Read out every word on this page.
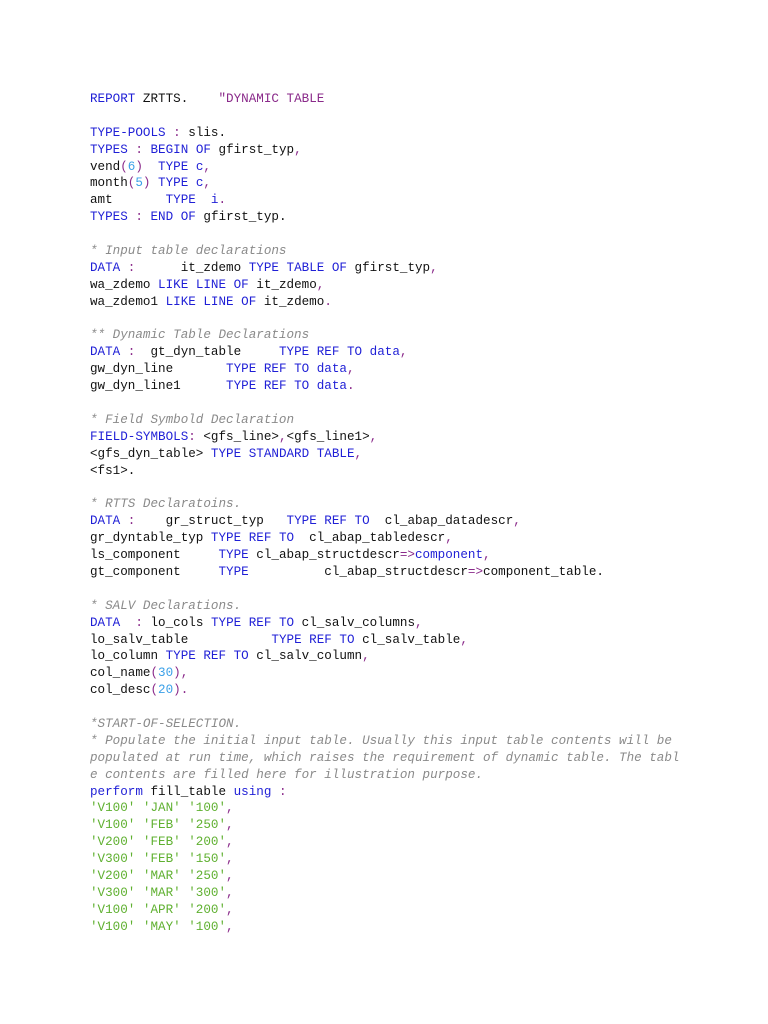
REPORT ZRTTS.    "DYNAMIC TABLE
TYPE-POOLS : slis.
TYPES : BEGIN OF gfirst_typ,
vend(6) TYPE c,
month(5) TYPE c,
amt       TYPE  i.
TYPES : END OF gfirst_typ.
* Input table declarations
DATA :      it_zdemo TYPE TABLE OF gfirst_typ,
wa_zdemo LIKE LINE OF it_zdemo,
wa_zdemo1 LIKE LINE OF it_zdemo.
** Dynamic Table Declarations
DATA :  gt_dyn_table     TYPE REF TO data,
gw_dyn_line       TYPE REF TO data,
gw_dyn_line1      TYPE REF TO data.
* Field Symbold Declaration
FIELD-SYMBOLS: <gfs_line>,<gfs_line1>,
<gfs_dyn_table> TYPE STANDARD TABLE,
<fs1>.
* RTTS Declaratoins.
DATA :    gr_struct_typ   TYPE REF TO  cl_abap_datadescr,
gr_dyntable_typ TYPE REF TO  cl_abap_tabledescr,
ls_component     TYPE cl_abap_structdescr=>component,
gt_component     TYPE          cl_abap_structdescr=>component_table.
* SALV Declarations.
DATA : lo_cols TYPE REF TO cl_salv_columns,
lo_salv_table           TYPE REF TO cl_salv_table,
lo_column TYPE REF TO cl_salv_column,
col_name(30),
col_desc(20).
*START-OF-SELECTION.
* Populate the initial input table. Usually this input table contents will be
populated at run time, which raises the requirement of dynamic table. The tabl
e contents are filled here for illustration purpose.
perform fill_table using :
'V100' 'JAN' '100',
'V100' 'FEB' '250',
'V200' 'FEB' '200',
'V300' 'FEB' '150',
'V200' 'MAR' '250',
'V300' 'MAR' '300',
'V100' 'APR' '200',
'V100' 'MAY' '100',
